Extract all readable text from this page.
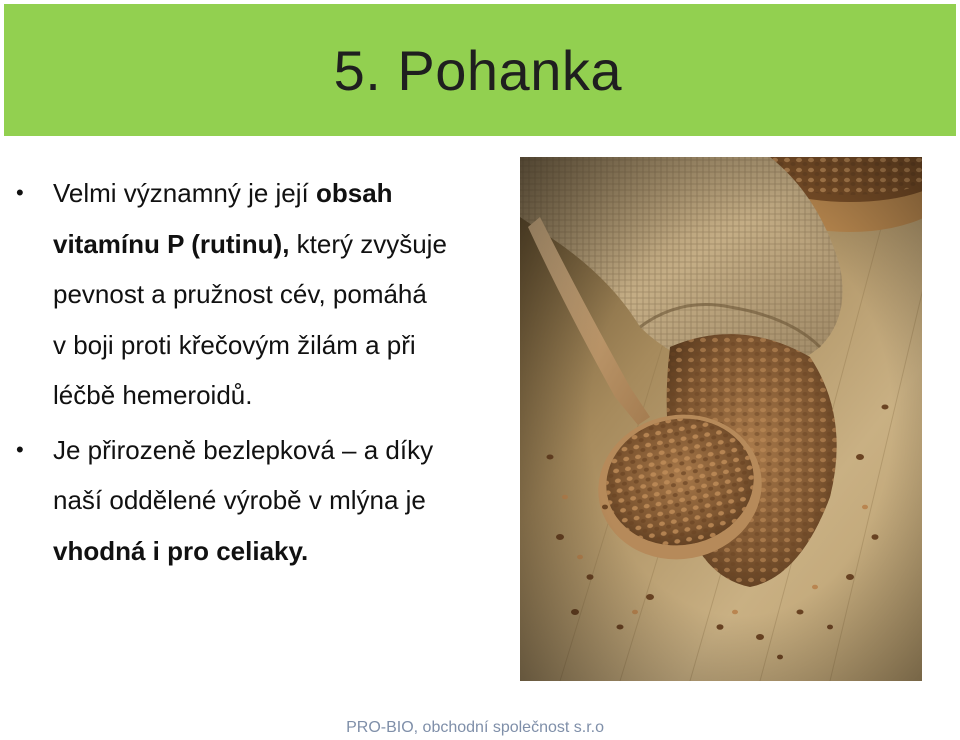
5. Pohanka
• Velmi významný je její obsah
vitamínu P (rutinu), který zvyšuje
pevnost a pružnost cév, pomáhá
v boji proti křečovým žilám a při
léčbě hemeroidů.
• Je přirozeně bezlepková – a díky
naší oddělené výrobě v mlýna je
vhodná i pro celiaky.
PRO-BIO, obchodní společnost s.r.o
